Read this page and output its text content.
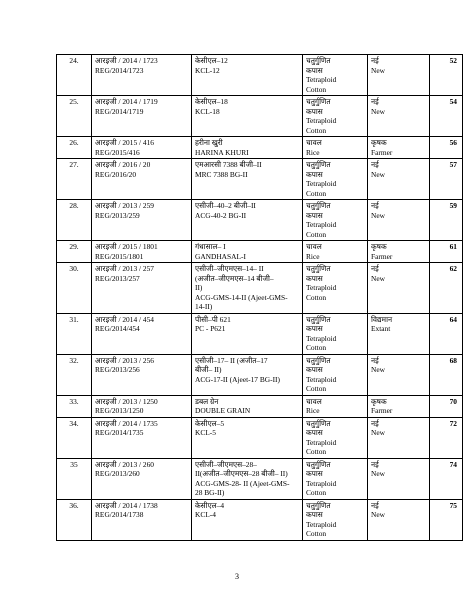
24.	आरइजी / 2014 / 1723
REG/2014/1723	केसीएल–12
KCL-12	चतुर्गुणित
कपास
Tetraploid
Cotton	नई
New	52

25.	आरइजी / 2014 / 1719
REG/2014/1719	केसीएल–18
KCL-18	चतुर्गुणित
कपास
Tetraploid
Cotton	नई
New	54

26.	आरइजी / 2015 / 416
REG/2015/416	हरीना खुरी
HARINA KHURI	चावल
Rice	कृषक
Farmer	56

27.	आरइजी / 2016 / 20
REG/2016/20	एमआरसी 7388 बीजी–II
MRC 7388 BG-II	चतुर्गुणित
कपास
Tetraploid
Cotton	नई
New	57

28.	आरइजी / 2013 / 259
REG/2013/259	एसीजी–40–2 बीजी–II
ACG-40-2 BG-II	चतुर्गुणित
कपास
Tetraploid
Cotton	नई
New	59

29.	आरइजी / 2015 / 1801
REG/2015/1801	गंधासाल– I
GANDHASAL-I	चावल
Rice	कृषक
Farmer	61

30.	आरइजी / 2013 / 257
REG/2013/257	एसीजी–जीएमएस–14– II
(अजीत–जीएमएस–14 बीजी–
II)
ACG-GMS-14-II (Ajeet-GMS-
14-II)	चतुर्गुणित
कपास
Tetraploid
Cotton	नई
New	62

31.	आरइजी / 2014 / 454
REG/2014/454	पीसी–पी 621
PC - P621	चतुर्गुणित
कपास
Tetraploid
Cotton	विद्यमान
Extant	64

32.	आरइजी / 2013 / 256
REG/2013/256	एसीजी–17– II (अजीत–17
बीजी– II)
ACG-17-II (Ajeet-17 BG-II)	चतुर्गुणित
कपास
Tetraploid
Cotton	नई
New	68

33.	आरइजी / 2013 / 1250
REG/2013/1250	डबल ग्रेन
DOUBLE GRAIN	चावल
Rice	कृषक
Farmer	70

34.	आरइजी / 2014 / 1735
REG/2014/1735	केसीएल–5
KCL-5	चतुर्गुणित
कपास
Tetraploid
Cotton	नई
New	72

35	आरइजी / 2013 / 260
REG/2013/260	एसीजी–जीएमएस–28–
II(अजीत–जीएमएस–28 बीजी– II)
ACG-GMS-28- II (Ajeet-GMS-
28 BG-II)	चतुर्गुणित
कपास
Tetraploid
Cotton	नई
New	74

36.	आरइजी / 2014 / 1738
REG/2014/1738	केसीएल–4
KCL-4	चतुर्गुणित
कपास
Tetraploid
Cotton	नई
New	75
3
